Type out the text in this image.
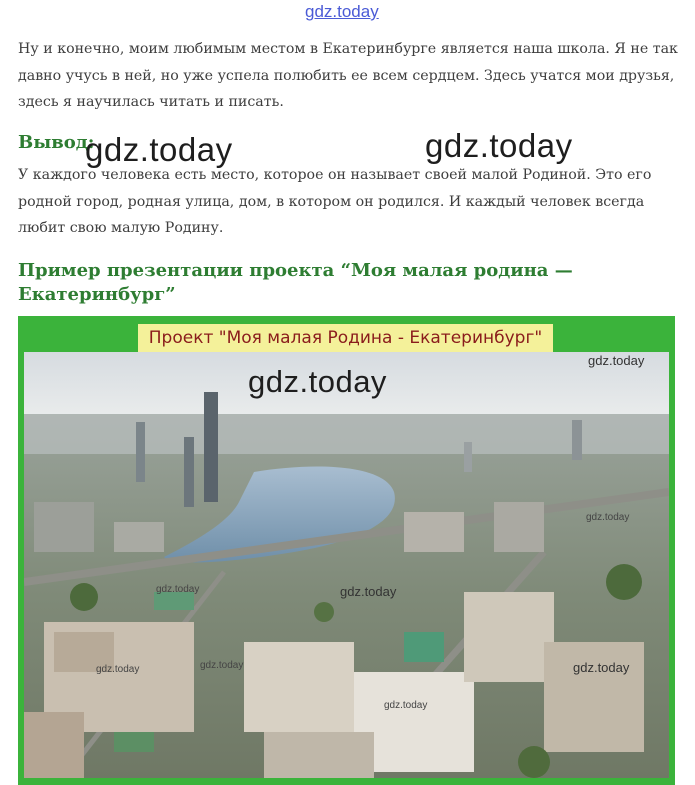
gdz.today

Ну и конечно, моим любимым местом в Екатеринбурге является наша школа. Я не так давно учусь в ней, но уже успела полюбить ее всем сердцем. Здесь учатся мои друзья, здесь я научилась читать и писать.

Вывод:
gdz.today	gdz.today

У каждого человека есть место, которое он называет своей малой Родиной. Это его родной город, родная улица, дом, в котором он родился. И каждый человек всегда любит свою малую Родину.

Пример презентации проекта “Моя малая родина — Екатеринбург”
Проект "Моя малая Родина - Екатеринбург"
gdz.today
gdz.today
gdz.today
gdz.today	gdz.today
gdz.today	gdz.today
gdz.today
gdz.today
